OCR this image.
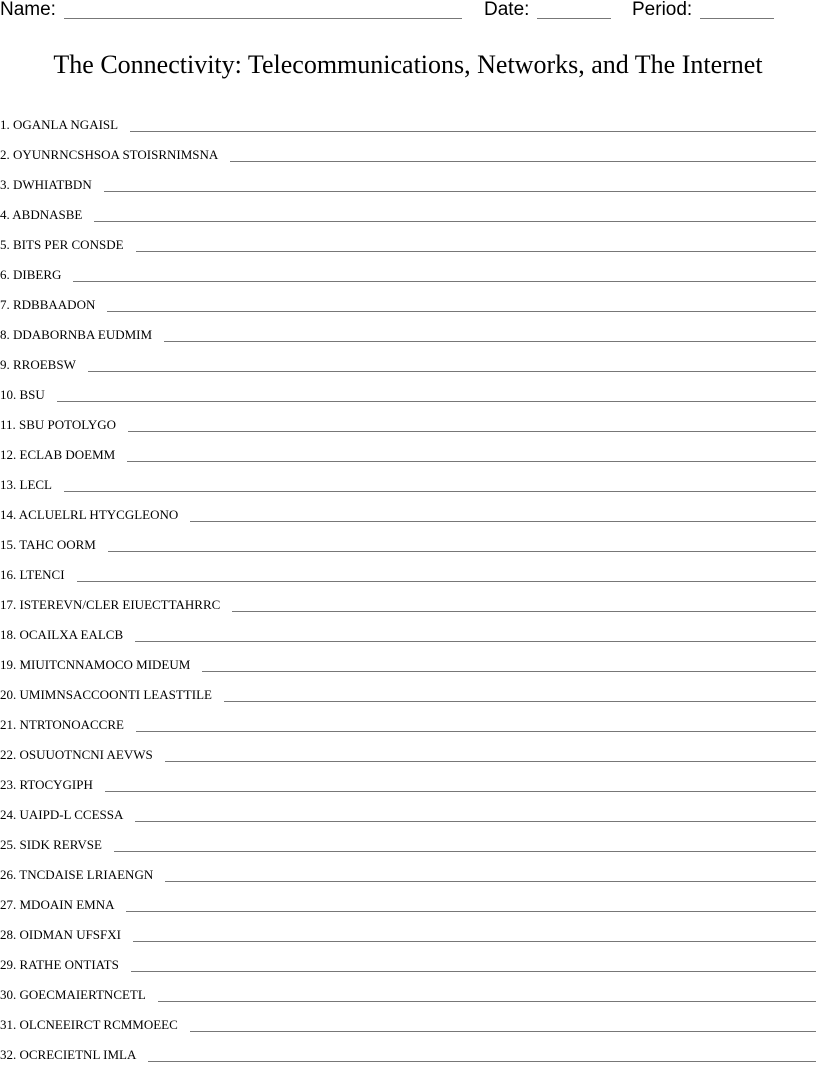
Name:	Date:	Period:
The Connectivity: Telecommunications, Networks, and The Internet
1. OGANLA NGAISL
2. OYUNRNCSHSOA STOISRNIMSNA
3. DWHIATBDN
4. ABDNASBE
5. BITS PER CONSDE
6. DIBERG
7. RDBBAADON
8. DDABORNBA EUDMIM
9. RROEBSW
10. BSU
11. SBU POTOLYGO
12. ECLAB DOEMM
13. LECL
14. ACLUELRL HTYCGLEONO
15. TAHC OORM
16. LTENCI
17. ISTEREVN/CLER EIUECTTAHRRC
18. OCAILXA EALCB
19. MIUITCNNAMOCO MIDEUM
20. UMIMNSACCOONTI LEASTTILE
21. NTRTONOACCRE
22. OSUUOTNCNI AEVWS
23. RTOCYGIPH
24. UAIPD-L CCESSA
25. SIDK RERVSE
26. TNCDAISE LRIAENGN
27. MDOAIN EMNA
28. OIDMAN UFSFXI
29. RATHE ONTIATS
30. GOECMAIERTNCETL
31. OLCNEEIRCT RCMMOEEC
32. OCRECIETNL IMLA
